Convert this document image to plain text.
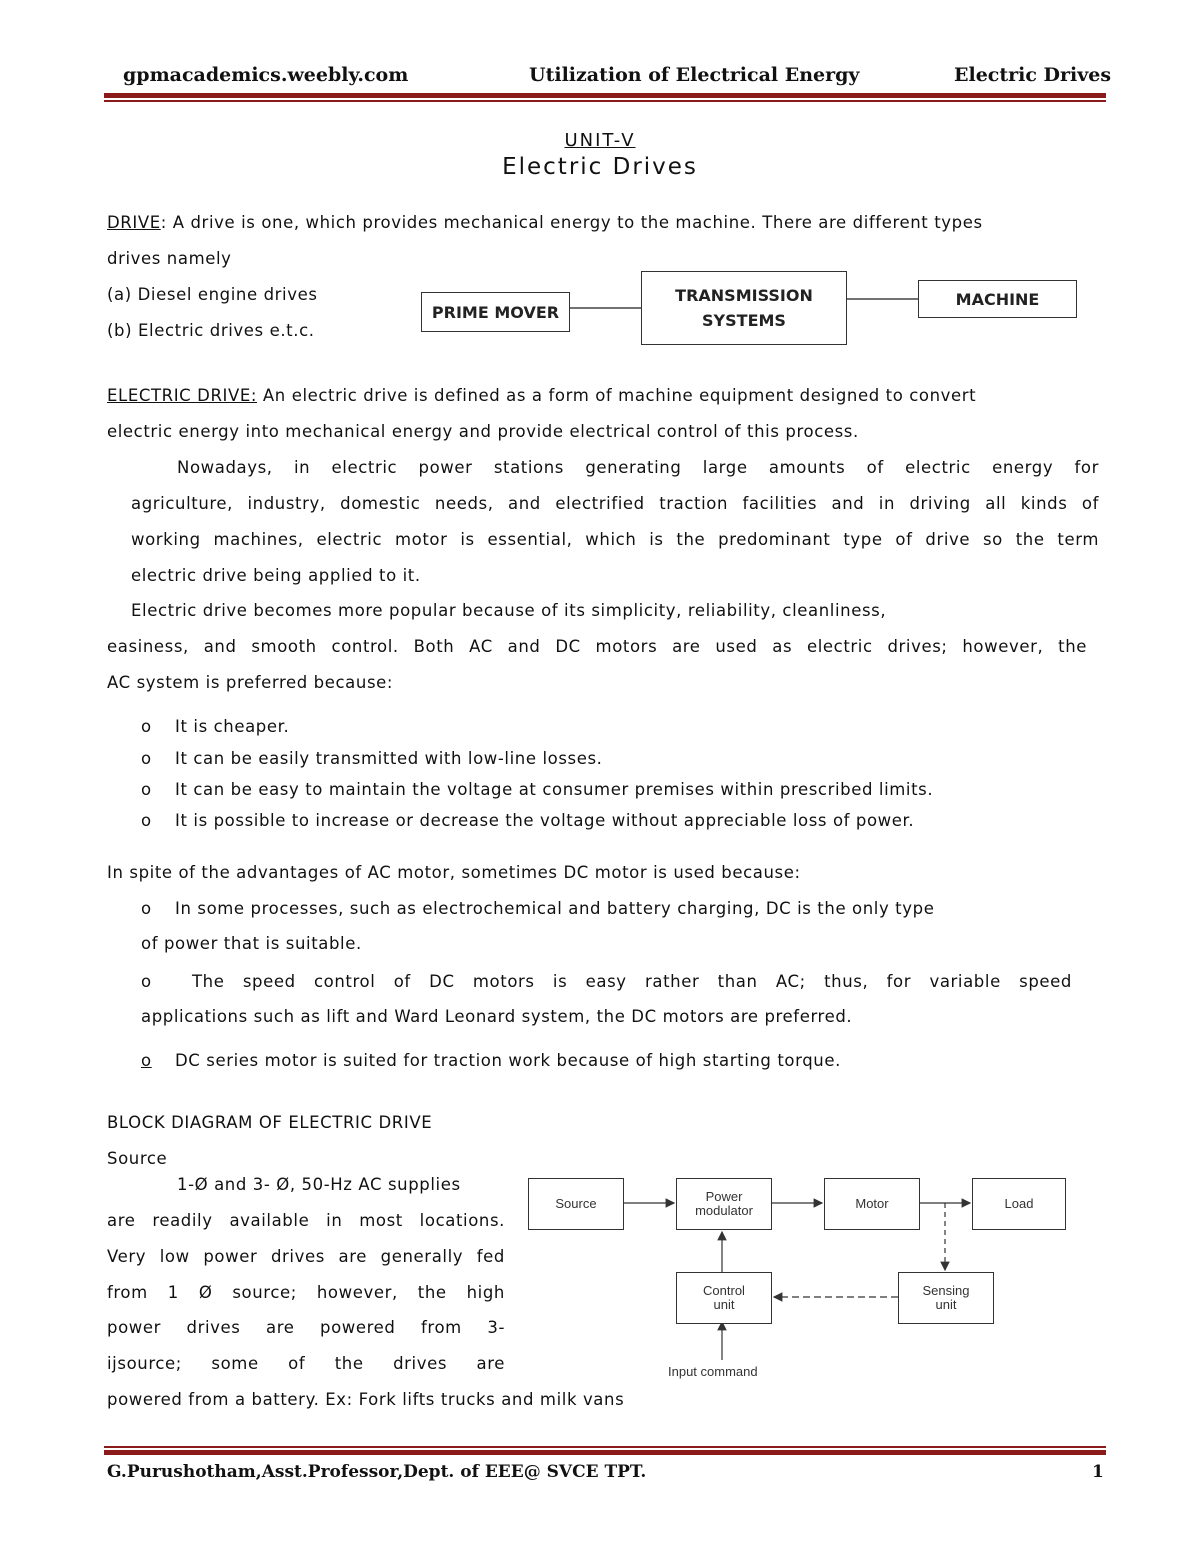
gpmacademics.weebly.com	Utilization of Electrical Energy	Electric Drives
UNIT-V
Electric Drives
DRIVE: A drive is one, which provides mechanical energy to the machine. There are different types
drives namely
(a) Diesel engine drives
(b) Electric drives e.t.c.
PRIME MOVER
TRANSMISSION
SYSTEMS
MACHINE
ELECTRIC DRIVE: An electric drive is defined as a form of machine equipment designed to convert
electric energy into mechanical energy and provide electrical control of this process.
Nowadays, in electric power stations generating large amounts of electric energy for
agriculture, industry, domestic needs, and electrified traction facilities and in driving all kinds of
working machines, electric motor is essential, which is the predominant type of drive so the term
electric drive being applied to it.
Electric drive becomes more popular because of its simplicity, reliability, cleanliness,
easiness, and smooth control. Both AC and DC motors are used as electric drives; however, the
AC system is preferred because:
o It is cheaper.
o It can be easily transmitted with low-line losses.
o It can be easy to maintain the voltage at consumer premises within prescribed limits.
o It is possible to increase or decrease the voltage without appreciable loss of power.
In spite of the advantages of AC motor, sometimes DC motor is used because:
o In some processes, such as electrochemical and battery charging, DC is the only type
of power that is suitable.
o The speed control of DC motors is easy rather than AC; thus, for variable speed
applications such as lift and Ward Leonard system, the DC motors are preferred.
o DC series motor is suited for traction work because of high starting torque.
BLOCK DIAGRAM OF ELECTRIC DRIVE
Source
1-Ø and 3- Ø, 50-Hz AC supplies
are readily available in most locations.
Very low power drives are generally fed
from 1 Ø source; however, the high
power drives are powered from 3-
ijsource; some of the drives are
powered from a battery. Ex: Fork lifts trucks and milk vans
Source	Power
modulator	Motor	Load
Control
unit
Sensing
unit
Input command
G.Purushotham,Asst.Professor,Dept. of EEE@ SVCE TPT.	1
